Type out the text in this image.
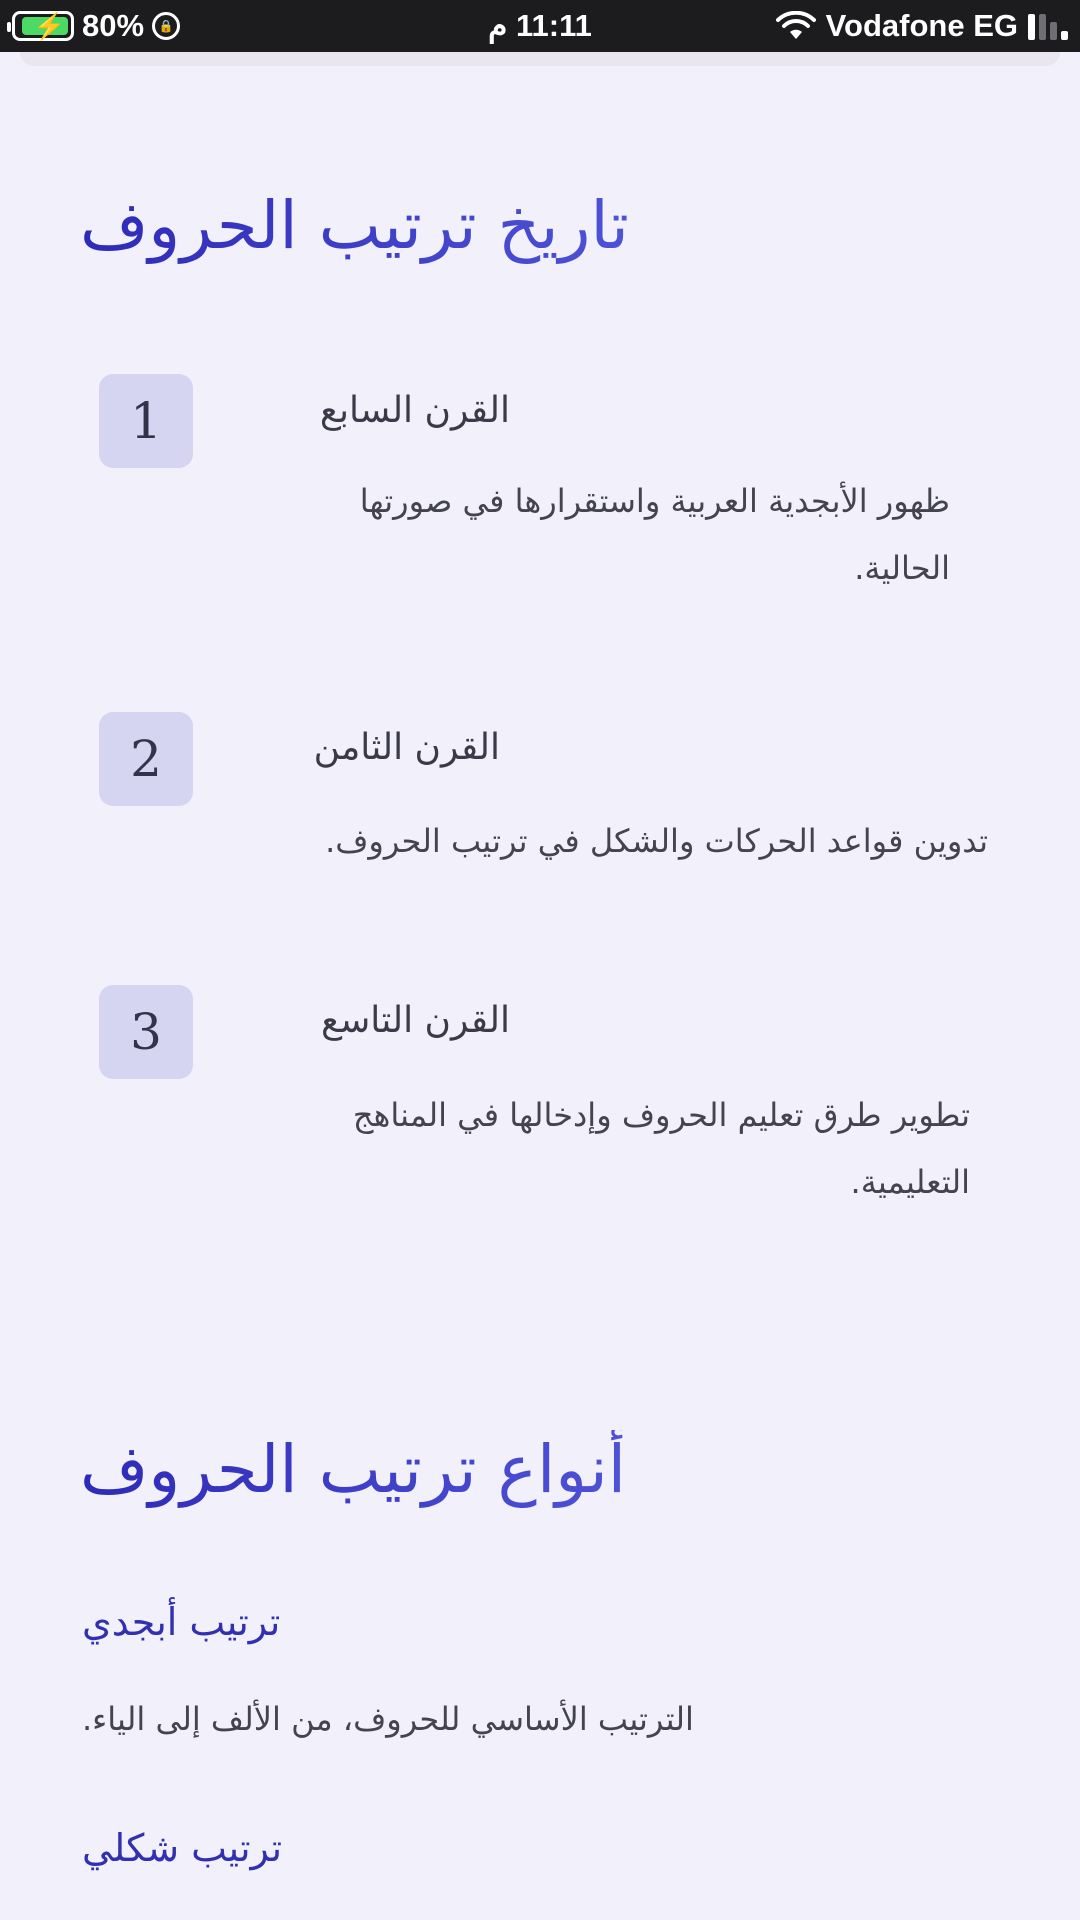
⚡ 80%	🔒	11:11 م	Vodafone EG
تاريخ ترتيب الحروف
1	القرن السابع
ظهور الأبجدية العربية واستقرارها في صورتها الحالية.
2	القرن الثامن
تدوين قواعد الحركات والشكل في ترتيب الحروف.
3	القرن التاسع
تطوير طرق تعليم الحروف وإدخالها في المناهج التعليمية.
أنواع ترتيب الحروف
ترتيب أبجدي
الترتيب الأساسي للحروف، من الألف إلى الياء.
ترتيب شكلي
